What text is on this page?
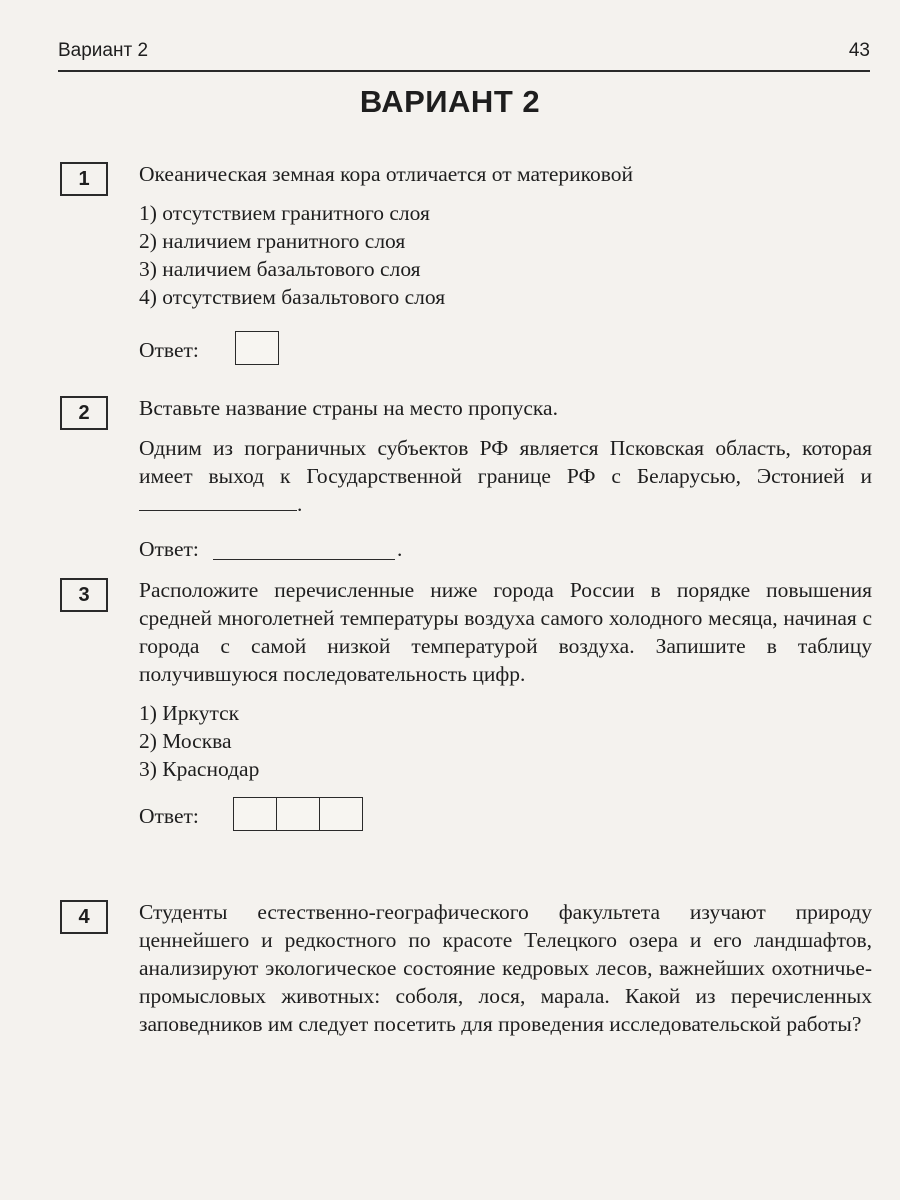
Вариант 2	43
ВАРИАНТ 2
1	Океаническая земная кора отличается от материковой

1) отсутствием гранитного слоя
2) наличием гранитного слоя
3) наличием базальтового слоя
4) отсутствием базальтового слоя
Ответ:
2	Вставьте название страны на место пропуска.

Одним из пограничных субъектов РФ является Псковская область, которая имеет выход к Государственной границе РФ с Беларусью, Эстонией и .

Ответ:	.
3	Расположите перечисленные ниже города России в порядке повышения средней многолетней температуры воздуха самого холодного месяца, начиная с города с самой низкой температурой воздуха. Запишите в таблицу получившуюся последовательность цифр.

1) Иркутск
2) Москва
3) Краснодар
Ответ:
4	Студенты естественно-географического факультета изучают природу ценнейшего и редкостного по красоте Телецкого озера и его ландшафтов, анализируют экологическое состояние кедровых лесов, важнейших охотничье-промысловых животных: соболя, лося, марала. Какой из перечисленных заповедников им следует посетить для проведения исследовательской работы?
